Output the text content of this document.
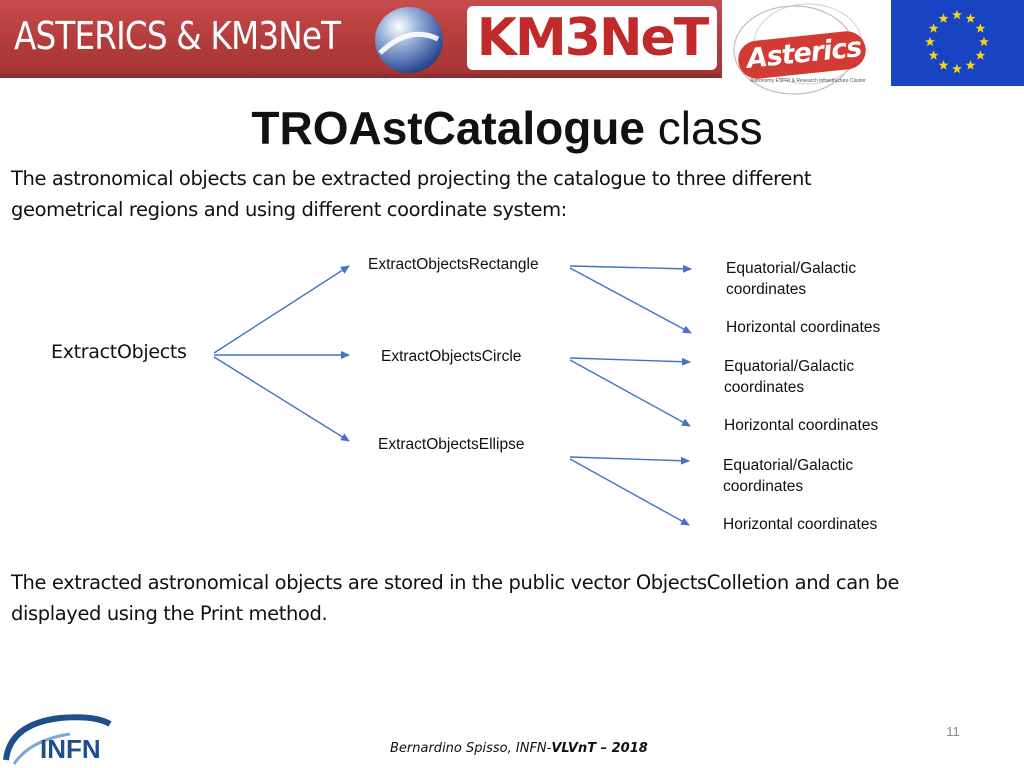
ASTERICS & KM3NeT	KM3NeT	Asterics
Astronomy ESFRI & Research Infrastructure Cluster
TROAstCatalogue class
The astronomical objects can be extracted projecting the catalogue to three different
geometrical regions and using different coordinate system:
ExtractObjects
ExtractObjectsRectangle
ExtractObjectsCircle
ExtractObjectsEllipse
Equatorial/Galactic
coordinates
Horizontal coordinates
Equatorial/Galactic
coordinates
Horizontal coordinates
Equatorial/Galactic
coordinates
Horizontal coordinates
The extracted astronomical objects are stored in the public vector ObjectsColletion and can be
displayed using the Print method.
INFN
11
Bernardino Spisso, INFN-VLVnT – 2018
